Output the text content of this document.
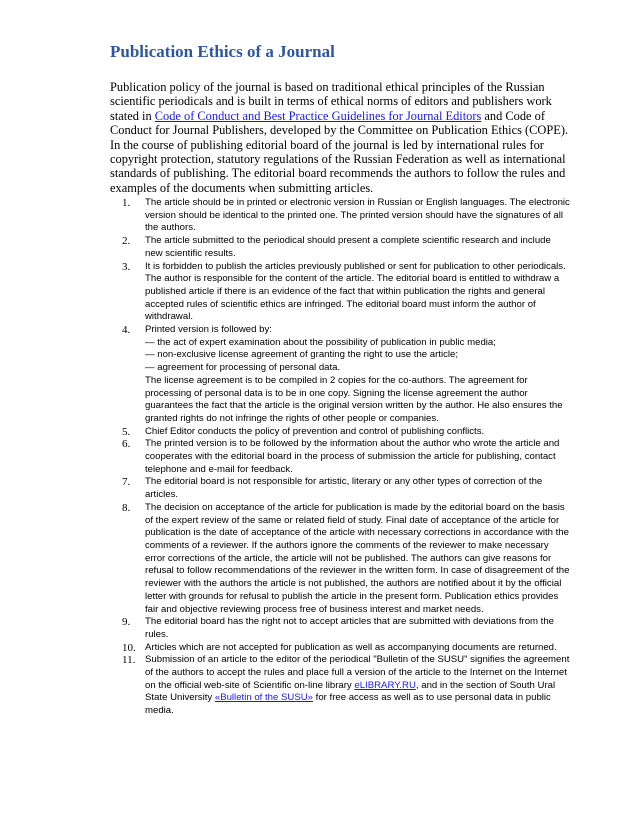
Publication Ethics of a Journal

Publication policy of the journal is based on traditional ethical principles of the Russian scientific periodicals and is built in terms of ethical norms of editors and publishers work stated in Code of Conduct and Best Practice Guidelines for Journal Editors and Code of Conduct for Journal Publishers, developed by the Committee on Publication Ethics (COPE). In the course of publishing editorial board of the journal is led by international rules for copyright protection, statutory regulations of the Russian Federation as well as international standards of publishing. The editorial board recommends the authors to follow the rules and examples of the documents when submitting articles.

1.	The article should be in printed or electronic version in Russian or English languages. The electronic version should be identical to the printed one. The printed version should have the signatures of all the authors.
2.	The article submitted to the periodical should present a complete scientific research and include new scientific results.
3.	It is forbidden to publish the articles previously published or sent for publication to other periodicals. The author is responsible for the content of the article. The editorial board is entitled to withdraw a published article if there is an evidence of the fact that within publication the rights and general accepted rules of scientific ethics are infringed. The editorial board must inform the author of withdrawal.
4.	Printed version is followed by:
— the act of expert examination about the possibility of publication in public media;
— non-exclusive license agreement of granting the right to use the article;
— agreement for processing of personal data.
The license agreement is to be compiled in 2 copies for the co-authors. The agreement for processing of personal data is to be in one copy. Signing the license agreement the author guarantees the fact that the article is the original version written by the author. He also ensures the granted rights do not infringe the rights of other people or companies.
5.	Chief Editor conducts the policy of prevention and control of publishing conflicts.
6.	The printed version is to be followed by the information about the author who wrote the article and cooperates with the editorial board in the process of submission the article for publishing, contact telephone and e-mail for feedback.
7.	The editorial board is not responsible for artistic, literary or any other types of correction of the articles.
8.	The decision on acceptance of the article for publication is made by the editorial board on the basis of the expert review of the same or related field of study. Final date of acceptance of the article for publication is the date of acceptance of the article with necessary corrections in accordance with the comments of a reviewer. If the authors ignore the comments of the reviewer to make necessary error corrections of the article, the article will not be published. The authors can give reasons for refusal to follow recommendations of the reviewer in the written form. In case of disagreement of the reviewer with the authors the article is not published, the authors are notified about it by the official letter with grounds for refusal to publish the article in the present form. Publication ethics provides fair and objective reviewing process free of business interest and market needs.
9.	The editorial board has the right not to accept articles that are submitted with deviations from the rules.
10. Articles which are not accepted for publication as well as accompanying documents are returned.
11.	Submission of an article to the editor of the periodical "Bulletin of the SUSU" signifies the agreement of the authors to accept the rules and place full a version of the article to the Internet on the Internet on the official web-site of Scientific on-line library eLIBRARY.RU, and in the section of South Ural State University «Bulletin of the SUSU» for free access as well as to use personal data in public media.
